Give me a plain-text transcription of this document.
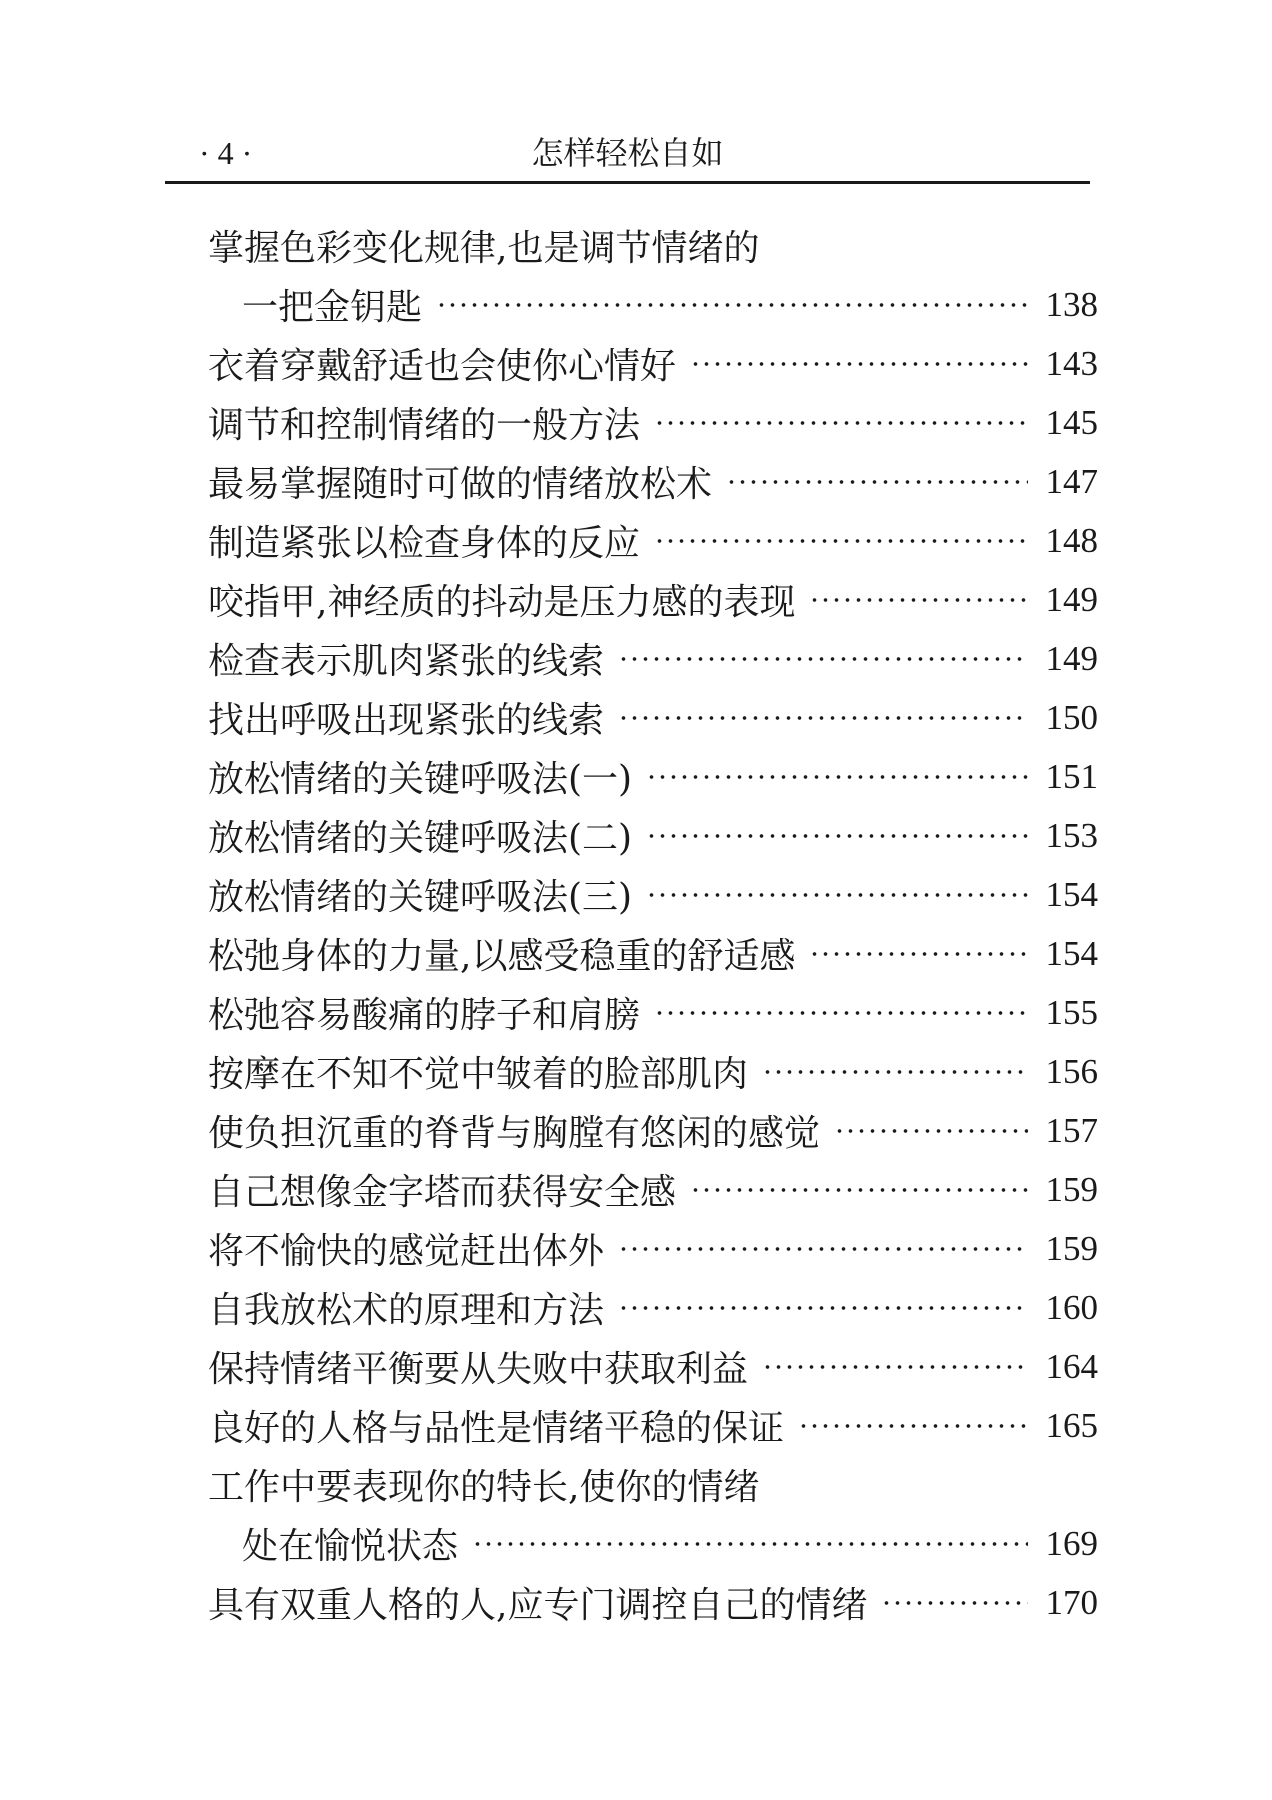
· 4 ·	怎样轻松自如
掌握色彩变化规律,也是调节情绪的
一把金钥匙	138
衣着穿戴舒适也会使你心情好	143
调节和控制情绪的一般方法	145
最易掌握随时可做的情绪放松术	147
制造紧张以检查身体的反应	148
咬指甲,神经质的抖动是压力感的表现	149
检查表示肌肉紧张的线索	149
找出呼吸出现紧张的线索	150
放松情绪的关键呼吸法(一)	151
放松情绪的关键呼吸法(二)	153
放松情绪的关键呼吸法(三)	154
松弛身体的力量,以感受稳重的舒适感	154
松弛容易酸痛的脖子和肩膀	155
按摩在不知不觉中皱着的脸部肌肉	156
使负担沉重的脊背与胸膛有悠闲的感觉	157
自己想像金字塔而获得安全感	159
将不愉快的感觉赶出体外	159
自我放松术的原理和方法	160
保持情绪平衡要从失败中获取利益	164
良好的人格与品性是情绪平稳的保证	165
工作中要表现你的特长,使你的情绪
处在愉悦状态	169
具有双重人格的人,应专门调控自己的情绪	170
